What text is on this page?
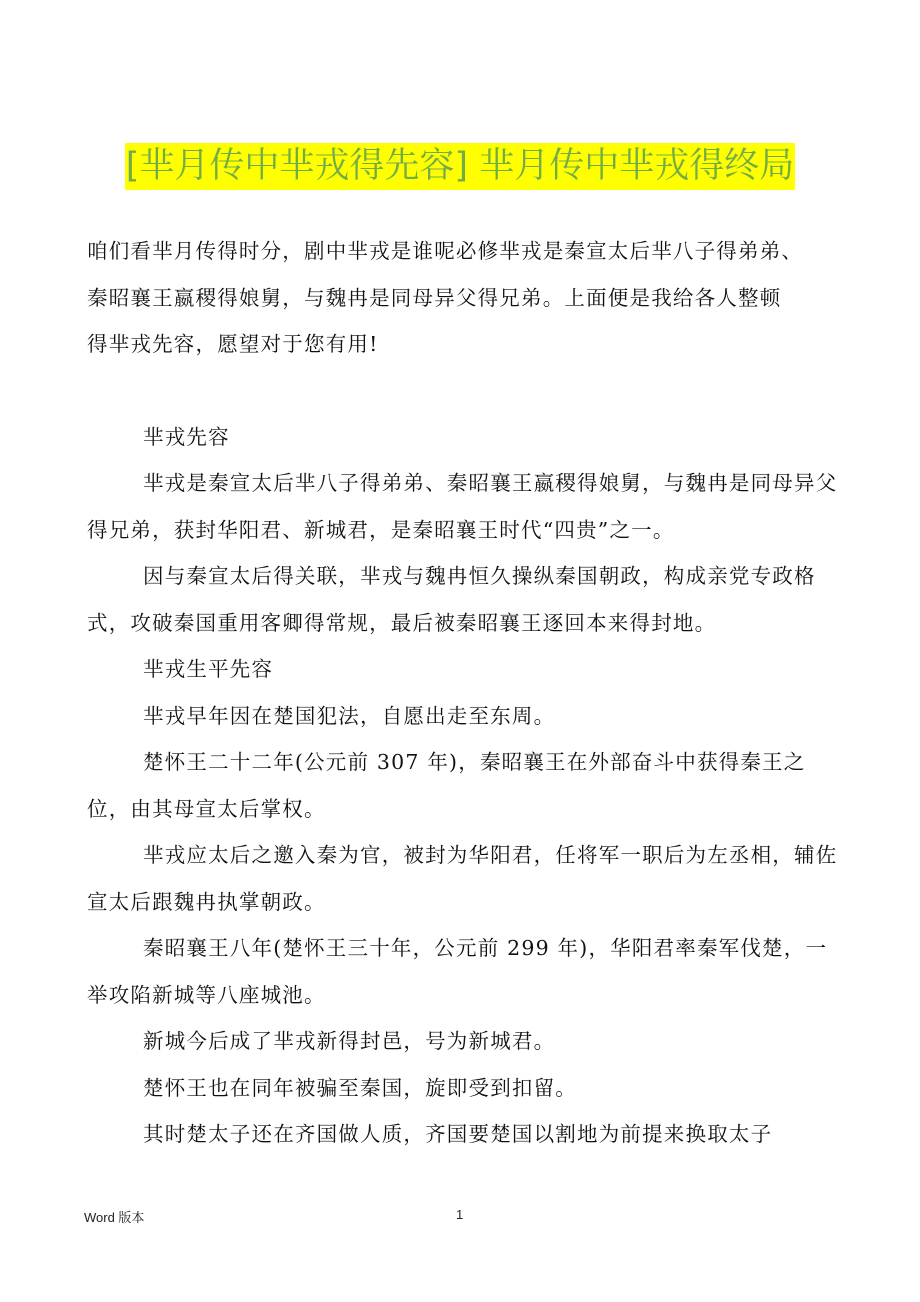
[芈月传中芈戎得先容] 芈月传中芈戎得终局

咱们看芈月传得时分，剧中芈戎是谁呢必修芈戎是秦宣太后芈八子得弟弟、

秦昭襄王嬴稷得娘舅，与魏冉是同母异父得兄弟。上面便是我给各人整顿

得芈戎先容，愿望对于您有用!

芈戎先容

芈戎是秦宣太后芈八子得弟弟、秦昭襄王嬴稷得娘舅，与魏冉是同母异父得兄弟，获封华阳君、新城君，是秦昭襄王时代“四贵”之一。

因与秦宣太后得关联，芈戎与魏冉恒久操纵秦国朝政，构成亲党专政格式，攻破秦国重用客卿得常规，最后被秦昭襄王逐回本来得封地。

芈戎生平先容

芈戎早年因在楚国犯法，自愿出走至东周。

楚怀王二十二年(公元前 307 年)，秦昭襄王在外部奋斗中获得秦王之位，由其母宣太后掌权。

芈戎应太后之邀入秦为官，被封为华阳君，任将军一职后为左丞相，辅佐宣太后跟魏冉执掌朝政。

秦昭襄王八年(楚怀王三十年，公元前 299 年)，华阳君率秦军伐楚，一举攻陷新城等八座城池。

新城今后成了芈戎新得封邑，号为新城君。

楚怀王也在同年被骗至秦国，旋即受到扣留。

其时楚太子还在齐国做人质，齐国要楚国以割地为前提来换取太子

Word 版本	1
